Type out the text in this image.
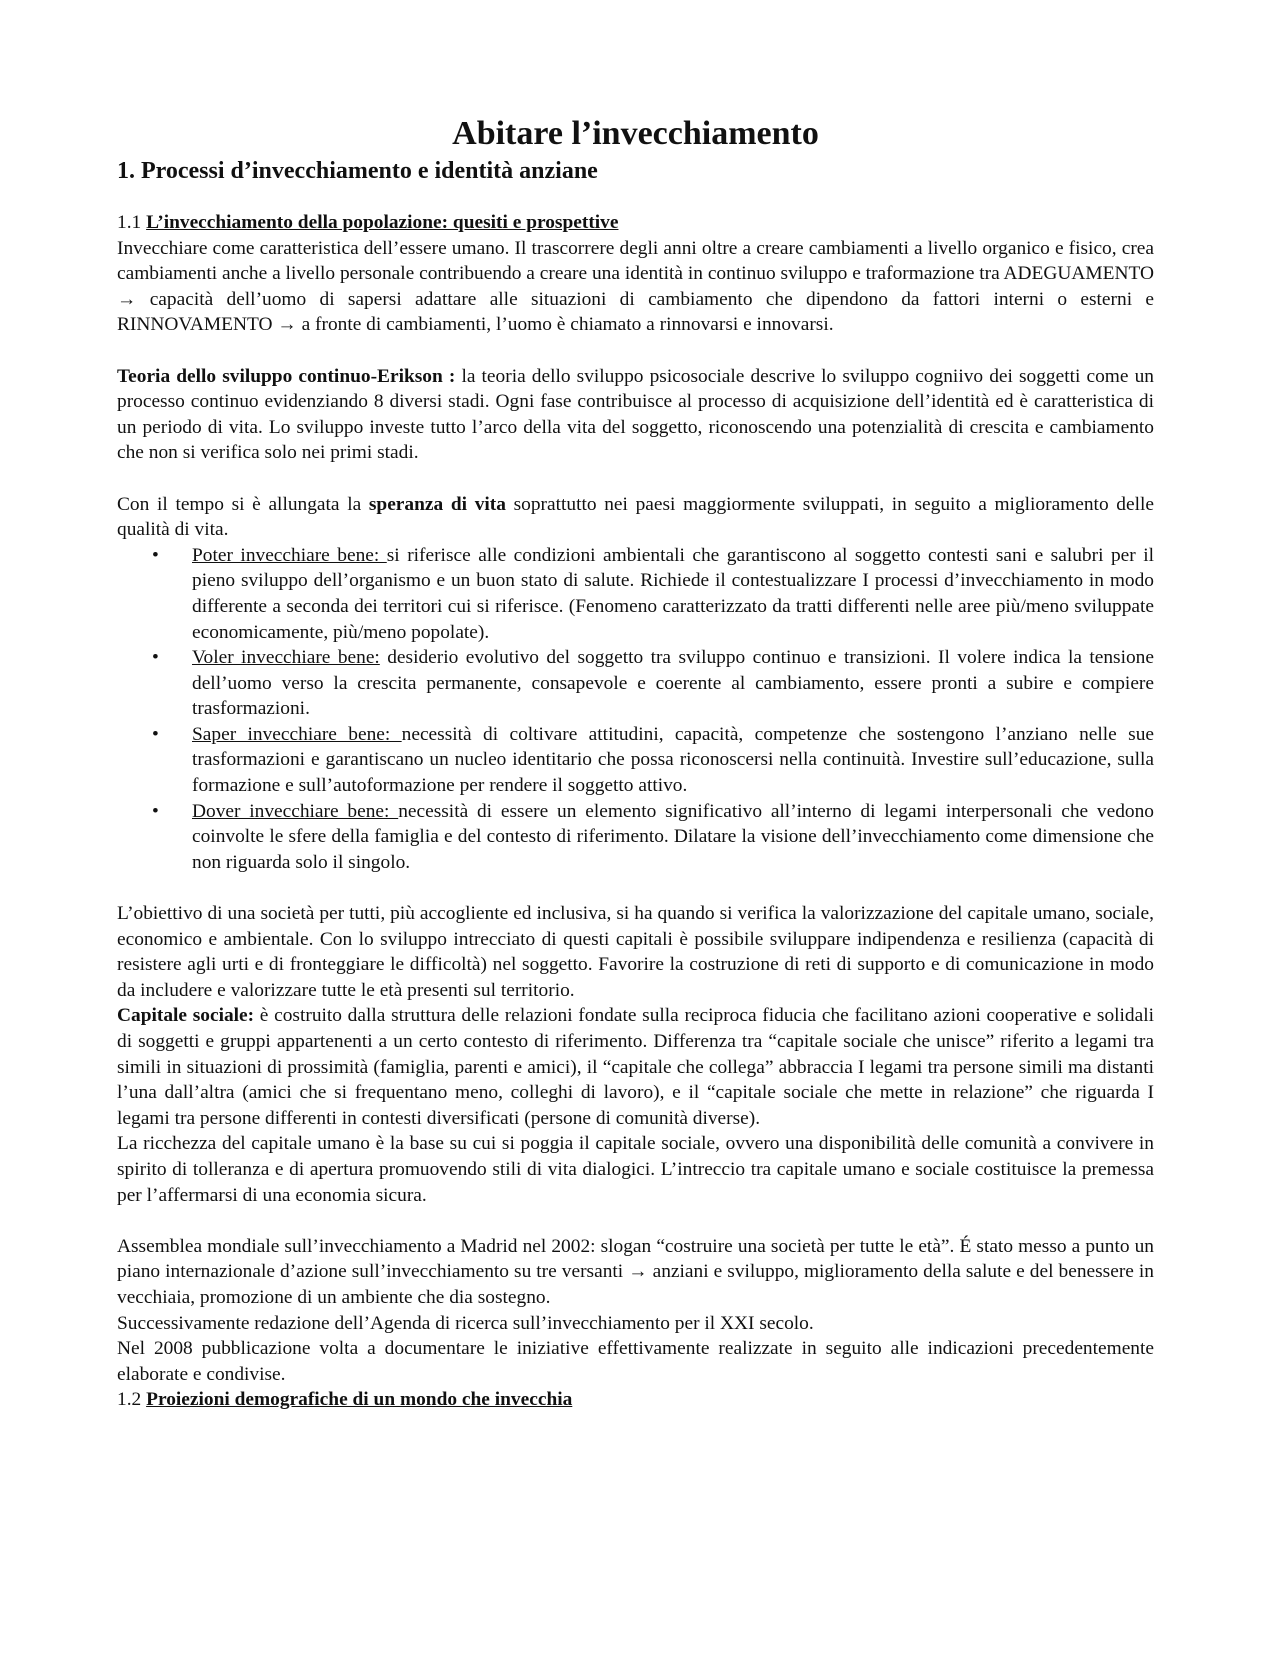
Abitare l’invecchiamento
1. Processi d’invecchiamento e identità anziane
1.1 L’invecchiamento della popolazione: quesiti e prospettive

Invecchiare come caratteristica dell’essere umano. Il trascorrere degli anni oltre a creare cambiamenti a livello organico e fisico, crea cambiamenti anche a livello personale contribuendo a creare una identità in continuo sviluppo e traformazione tra ADEGUAMENTO → capacità dell’uomo di sapersi adattare alle situazioni di cambiamento che dipendono da fattori interni o esterni e RINNOVAMENTO → a fronte di cambiamenti, l’uomo è chiamato a rinnovarsi e innovarsi.

Teoria dello sviluppo continuo-Erikson : la teoria dello sviluppo psicosociale descrive lo sviluppo cogniivo dei soggetti come un processo continuo evidenziando 8 diversi stadi. Ogni fase contribuisce al processo di acquisizione dell’identità ed è caratteristica di un periodo di vita. Lo sviluppo investe tutto l’arco della vita del soggetto, riconoscendo una potenzialità di crescita e cambiamento che non si verifica solo nei primi stadi.

Con il tempo si è allungata la speranza di vita soprattutto nei paesi maggiormente sviluppati, in seguito a miglioramento delle qualità di vita.

• Poter invecchiare bene: si riferisce alle condizioni ambientali che garantiscono al soggetto contesti sani e salubri per il pieno sviluppo dell’organismo e un buon stato di salute. Richiede il contestualizzare I processi d’invecchiamento in modo differente a seconda dei territori cui si riferisce. (Fenomeno caratterizzato da tratti differenti nelle aree più/meno sviluppate economicamente, più/meno popolate).
• Voler invecchiare bene: desiderio evolutivo del soggetto tra sviluppo continuo e transizioni. Il volere indica la tensione dell’uomo verso la crescita permanente, consapevole e coerente al cambiamento, essere pronti a subire e compiere trasformazioni.
• Saper invecchiare bene: necessità di coltivare attitudini, capacità, competenze che sostengono l’anziano nelle sue trasformazioni e garantiscano un nucleo identitario che possa riconoscersi nella continuità. Investire sull’educazione, sulla formazione e sull’autoformazione per rendere il soggetto attivo.
• Dover invecchiare bene: necessità di essere un elemento significativo all’interno di legami interpersonali che vedono coinvolte le sfere della famiglia e del contesto di riferimento. Dilatare la visione dell’invecchiamento come dimensione che non riguarda solo il singolo.

L’obiettivo di una società per tutti, più accogliente ed inclusiva, si ha quando si verifica la valorizzazione del capitale umano, sociale, economico e ambientale. Con lo sviluppo intrecciato di questi capitali è possibile sviluppare indipendenza e resilienza (capacità di resistere agli urti e di fronteggiare le difficoltà) nel soggetto. Favorire la costruzione di reti di supporto e di comunicazione in modo da includere e valorizzare tutte le età presenti sul territorio.

Capitale sociale: è costruito dalla struttura delle relazioni fondate sulla reciproca fiducia che facilitano azioni cooperative e solidali di soggetti e gruppi appartenenti a un certo contesto di riferimento. Differenza tra “capitale sociale che unisce” riferito a legami tra simili in situazioni di prossimità (famiglia, parenti e amici), il “capitale che collega” abbraccia I legami tra persone simili ma distanti l’una dall’altra (amici che si frequentano meno, colleghi di lavoro), e il “capitale sociale che mette in relazione” che riguarda I legami tra persone differenti in contesti diversificati (persone di comunità diverse).

La ricchezza del capitale umano è la base su cui si poggia il capitale sociale, ovvero una disponibilità delle comunità a convivere in spirito di tolleranza e di apertura promuovendo stili di vita dialogici. L’intreccio tra capitale umano e sociale costituisce la premessa per l’affermarsi di una economia sicura.

Assemblea mondiale sull’invecchiamento a Madrid nel 2002: slogan “costruire una società per tutte le età”. É stato messo a punto un piano internazionale d’azione sull’invecchiamento su tre versanti → anziani e sviluppo, miglioramento della salute e del benessere in vecchiaia, promozione di un ambiente che dia sostegno.

Successivamente redazione dell’Agenda di ricerca sull’invecchiamento per il XXI secolo.

Nel 2008 pubblicazione volta a documentare le iniziative effettivamente realizzate in seguito alle indicazioni precedentemente elaborate e condivise.

1.2 Proiezioni demografiche di un mondo che invecchia
